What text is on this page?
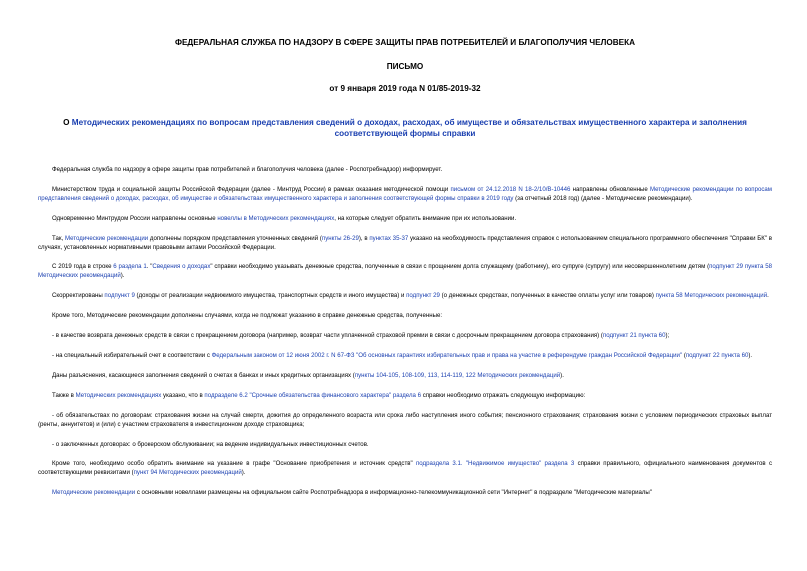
ФЕДЕРАЛЬНАЯ СЛУЖБА ПО НАДЗОРУ В СФЕРЕ ЗАЩИТЫ ПРАВ ПОТРЕБИТЕЛЕЙ И БЛАГОПОЛУЧИЯ ЧЕЛОВЕКА
ПИСЬМО
от 9 января 2019 года N 01/85-2019-32
О Методических рекомендациях по вопросам представления сведений о доходах, расходах, об имуществе и обязательствах имущественного характера и заполнения соответствующей формы справки

Федеральная служба по надзору в сфере защиты прав потребителей и благополучия человека (далее - Роспотребнадзор) информирует.

Министерством труда и социальной защиты Российской Федерации (далее - Минтруд России) в рамках оказания методической помощи письмом от 24.12.2018 N 18-2/10/В-10446 направлены обновленные Методические рекомендации по вопросам представления сведений о доходах, расходах, об имуществе и обязательствах имущественного характера и заполнения соответствующей формы справки в 2019 году (за отчетный 2018 год) (далее - Методические рекомендации).

Одновременно Минтрудом России направлены основные новеллы в Методических рекомендациях, на которые следует обратить внимание при их использовании.

Так, Методические рекомендации дополнены порядком представления уточненных сведений (пункты 26-29), в пунктах 35-37 указано на необходимость представления справок с использованием специального программного обеспечения "Справки БК" в случаях, установленных нормативными правовыми актами Российской Федерации.

С 2019 года в строке 6 раздела 1. "Сведения о доходах" справки необходимо указывать денежные средства, полученные в связи с прощением долга служащему (работнику), его супруге (супругу) или несовершеннолетним детям (подпункт 29 пункта 58 Методических рекомендаций).

Скорректированы подпункт 9 (доходы от реализации недвижимого имущества, транспортных средств и иного имущества) и подпункт 29 (о денежных средствах, полученных в качестве оплаты услуг или товаров) пункта 58 Методических рекомендаций.

Кроме того, Методические рекомендации дополнены случаями, когда не подлежат указанию в справке денежные средства, полученные:

- в качестве возврата денежных средств в связи с прекращением договора (например, возврат части уплаченной страховой премии в связи с досрочным прекращением договора страхования) (подпункт 21 пункта 60);

- на специальный избирательный счет в соответствии с Федеральным законом от 12 июня 2002 г. N 67-ФЗ "Об основных гарантиях избирательных прав и права на участие в референдуме граждан Российской Федерации" (подпункт 22 пункта 60).

Даны разъяснения, касающиеся заполнения сведений о счетах в банках и иных кредитных организациях (пункты 104-105, 108-109, 113, 114-119, 122 Методических рекомендаций).

Также в Методических рекомендациях указано, что в подразделе 6.2 "Срочные обязательства финансового характера" раздела 6 справки необходимо отражать следующую информацию:

- об обязательствах по договорам: страхования жизни на случай смерти, дожития до определенного возраста или срока либо наступления иного события; пенсионного страхования; страхования жизни с условием периодических страховых выплат (ренты, аннуитетов) и (или) с участием страхователя в инвестиционном доходе страховщика;

- о заключенных договорах: о брокерском обслуживании; на ведение индивидуальных инвестиционных счетов.

Кроме того, необходимо особо обратить внимание на указание в графе "Основание приобретения и источник средств" подраздела 3.1. "Недвижимое имущество" раздела 3 справки правильного, официального наименования документов с соответствующими реквизитами (пункт 94 Методических рекомендаций).

Методические рекомендации с основными новеллами размещены на официальном сайте Роспотребнадзора в информационно-телекоммуникационной сети "Интернет" в подразделе "Методические материалы"
